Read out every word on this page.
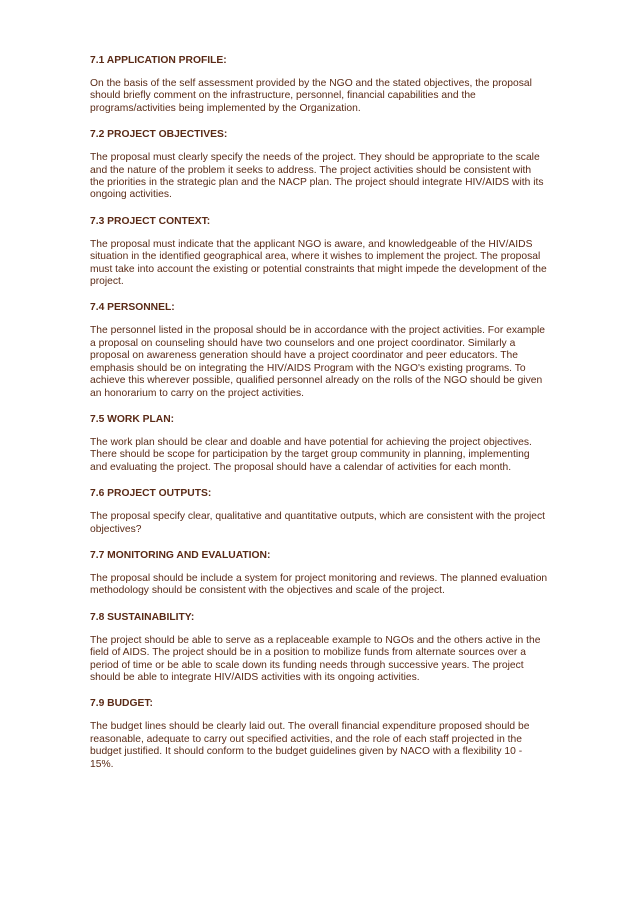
7.1 APPLICATION PROFILE:
On the basis of the self assessment provided by the NGO and the stated objectives, the proposal should briefly comment on the infrastructure, personnel, financial capabilities and the programs/activities being implemented by the Organization.
7.2 PROJECT OBJECTIVES:
The proposal must clearly specify the needs of the project. They should be appropriate to the scale and the nature of the problem it seeks to address. The project activities should be consistent with the priorities in the strategic plan and the NACP plan. The project should integrate HIV/AIDS with its ongoing activities.
7.3 PROJECT CONTEXT:
The proposal must indicate that the applicant NGO is aware, and knowledgeable of the HIV/AIDS situation in the identified geographical area, where it wishes to implement the project. The proposal must take into account the existing or potential constraints that might impede the development of the project.
7.4 PERSONNEL:
The personnel listed in the proposal should be in accordance with the project activities. For example a proposal on counseling should have two counselors and one project coordinator. Similarly a proposal on awareness generation should have a project coordinator and peer educators. The emphasis should be on integrating the HIV/AIDS Program with the NGO's existing programs. To achieve this wherever possible, qualified personnel already on the rolls of the NGO should be given an honorarium to carry on the project activities.
7.5 WORK PLAN:
The work plan should be clear and doable and have potential for achieving the project objectives. There should be scope for participation by the target group community in planning, implementing and evaluating the project. The proposal should have a calendar of activities for each month.
7.6 PROJECT OUTPUTS:
The proposal specify clear, qualitative and quantitative outputs, which are consistent with the project objectives?
7.7 MONITORING AND EVALUATION:
The proposal should be include a system for project monitoring and reviews. The planned evaluation methodology should be consistent with the objectives and scale of the project.
7.8 SUSTAINABILITY:
The project should be able to serve as a replaceable example to NGOs and the others active in the field of AIDS. The project should be in a position to mobilize funds from alternate sources over a period of time or be able to scale down its funding needs through successive years. The project should be able to integrate HIV/AIDS activities with its ongoing activities.
7.9 BUDGET:
The budget lines should be clearly laid out. The overall financial expenditure proposed should be reasonable, adequate to carry out specified activities, and the role of each staff projected in the budget justified. It should conform to the budget guidelines given by NACO with a flexibility 10 - 15%.
